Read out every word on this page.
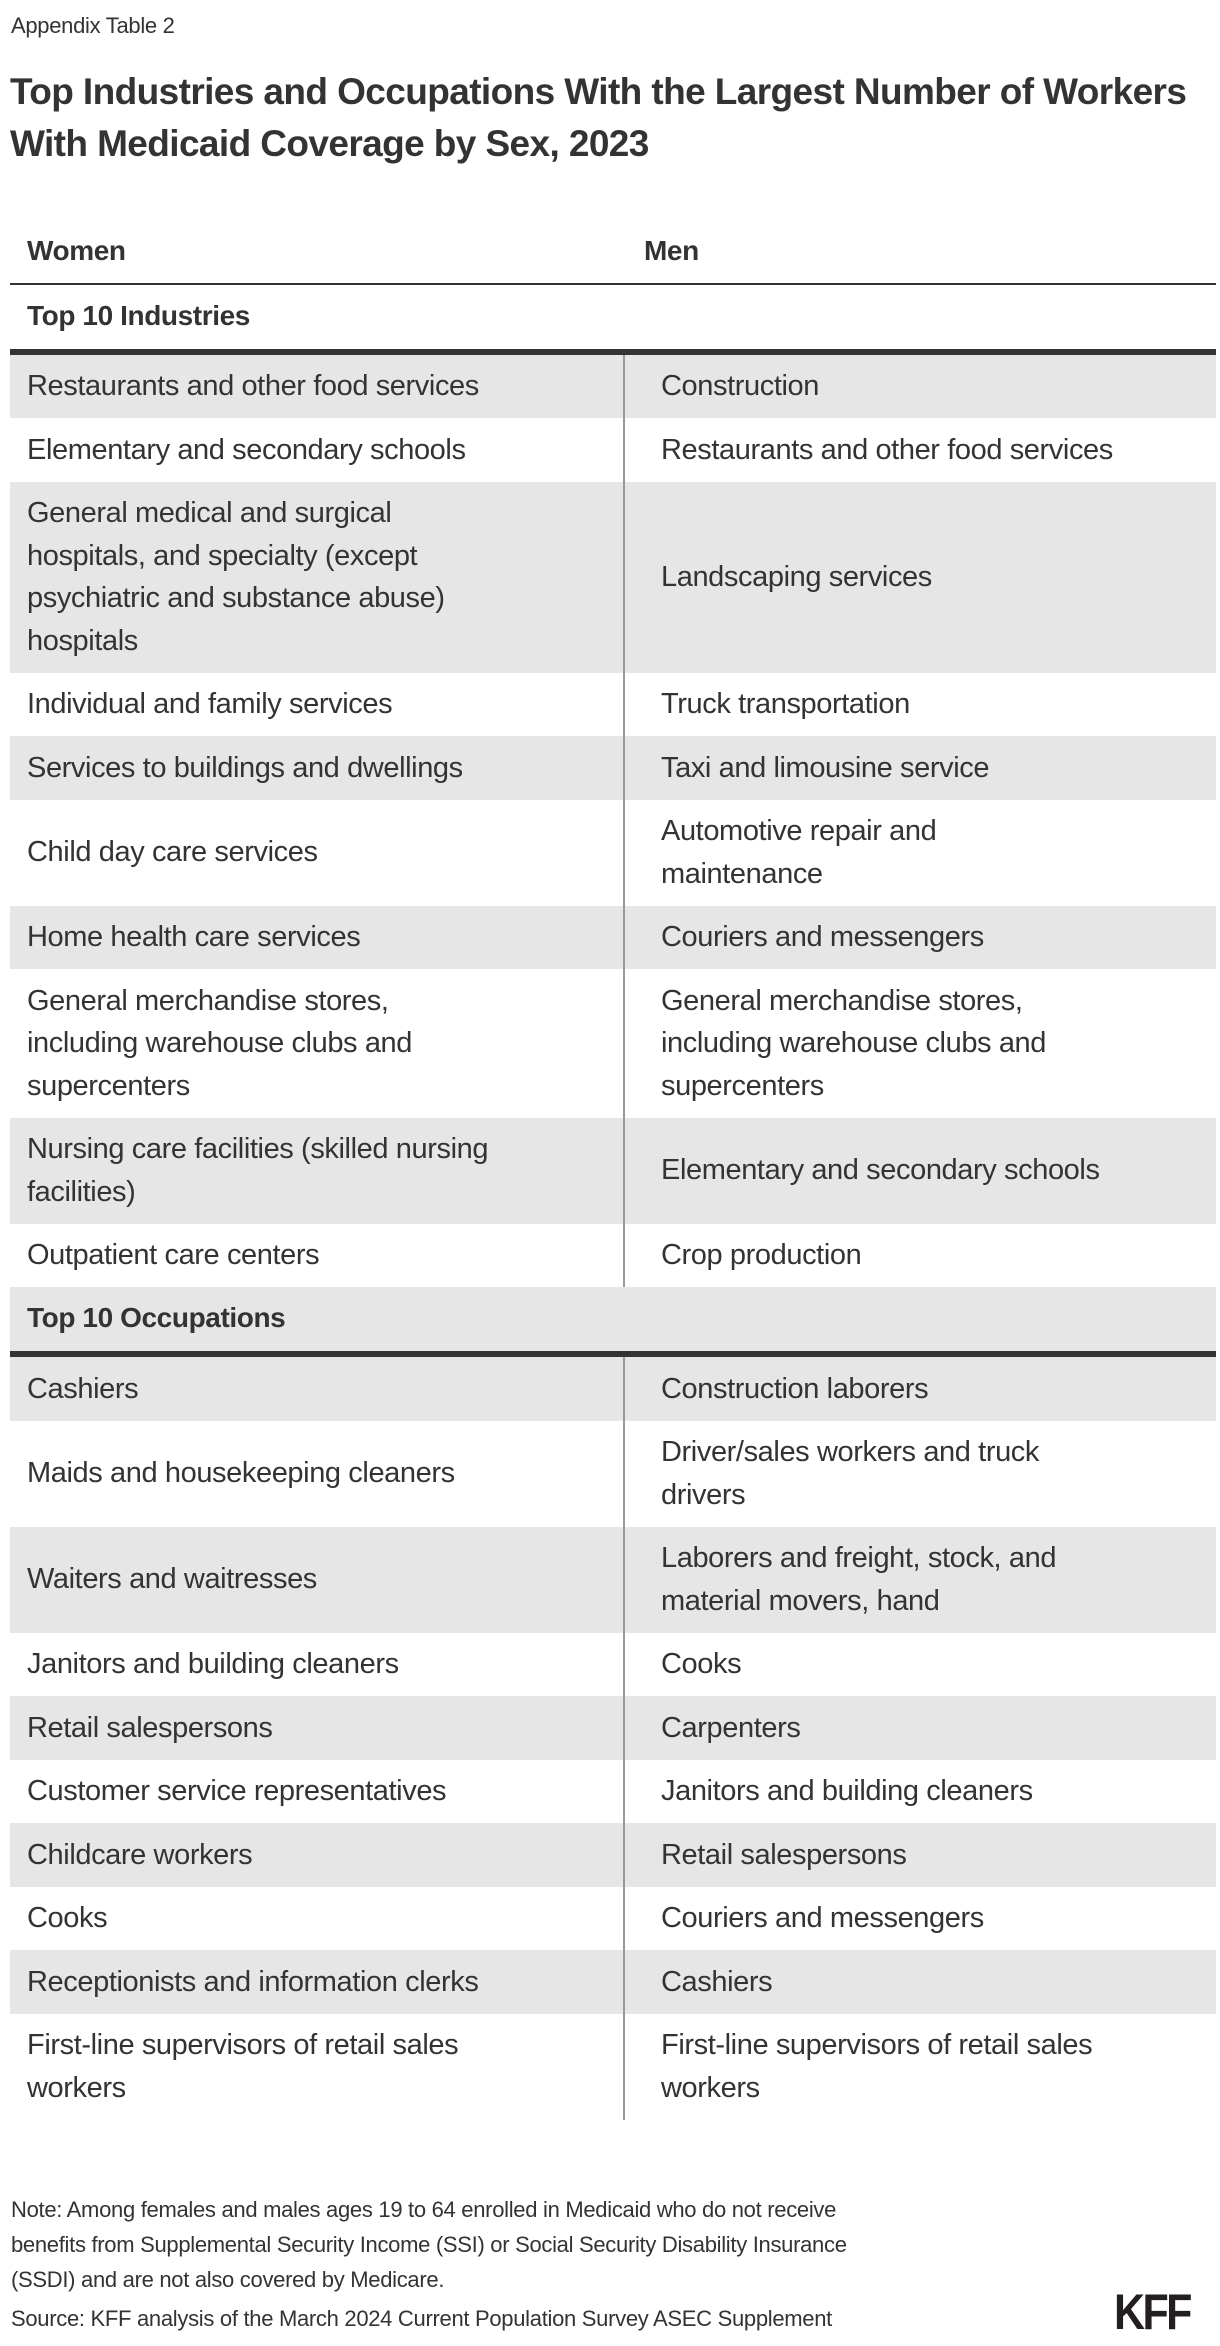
Appendix Table 2
Top Industries and Occupations With the Largest Number of Workers With Medicaid Coverage by Sex, 2023
Women	Men
Top 10 Industries	

Restaurants and other food services	Construction

Elementary and secondary schools	Restaurants and other food services

General medical and surgical
hospitals, and specialty (except
psychiatric and substance abuse)
hospitals	Landscaping services

Individual and family services	Truck transportation

Services to buildings and dwellings	Taxi and limousine service

Child day care services	Automotive repair and
maintenance

Home health care services	Couriers and messengers

General merchandise stores,
including warehouse clubs and
supercenters	General merchandise stores,
including warehouse clubs and
supercenters

Nursing care facilities (skilled nursing
facilities)	Elementary and secondary schools

Outpatient care centers	Crop production

Top 10 Occupations	

Cashiers	Construction laborers

Maids and housekeeping cleaners	Driver/sales workers and truck
drivers

Waiters and waitresses	Laborers and freight, stock, and
material movers, hand

Janitors and building cleaners	Cooks

Retail salespersons	Carpenters

Customer service representatives	Janitors and building cleaners

Childcare workers	Retail salespersons

Cooks	Couriers and messengers

Receptionists and information clerks	Cashiers

First-line supervisors of retail sales
workers	First-line supervisors of retail sales
workers
Note: Among females and males ages 19 to 64 enrolled in Medicaid who do not receive
benefits from Supplemental Security Income (SSI) or Social Security Disability Insurance
(SSDI) and are not also covered by Medicare.
Source: KFF analysis of the March 2024 Current Population Survey ASEC Supplement	KFF
